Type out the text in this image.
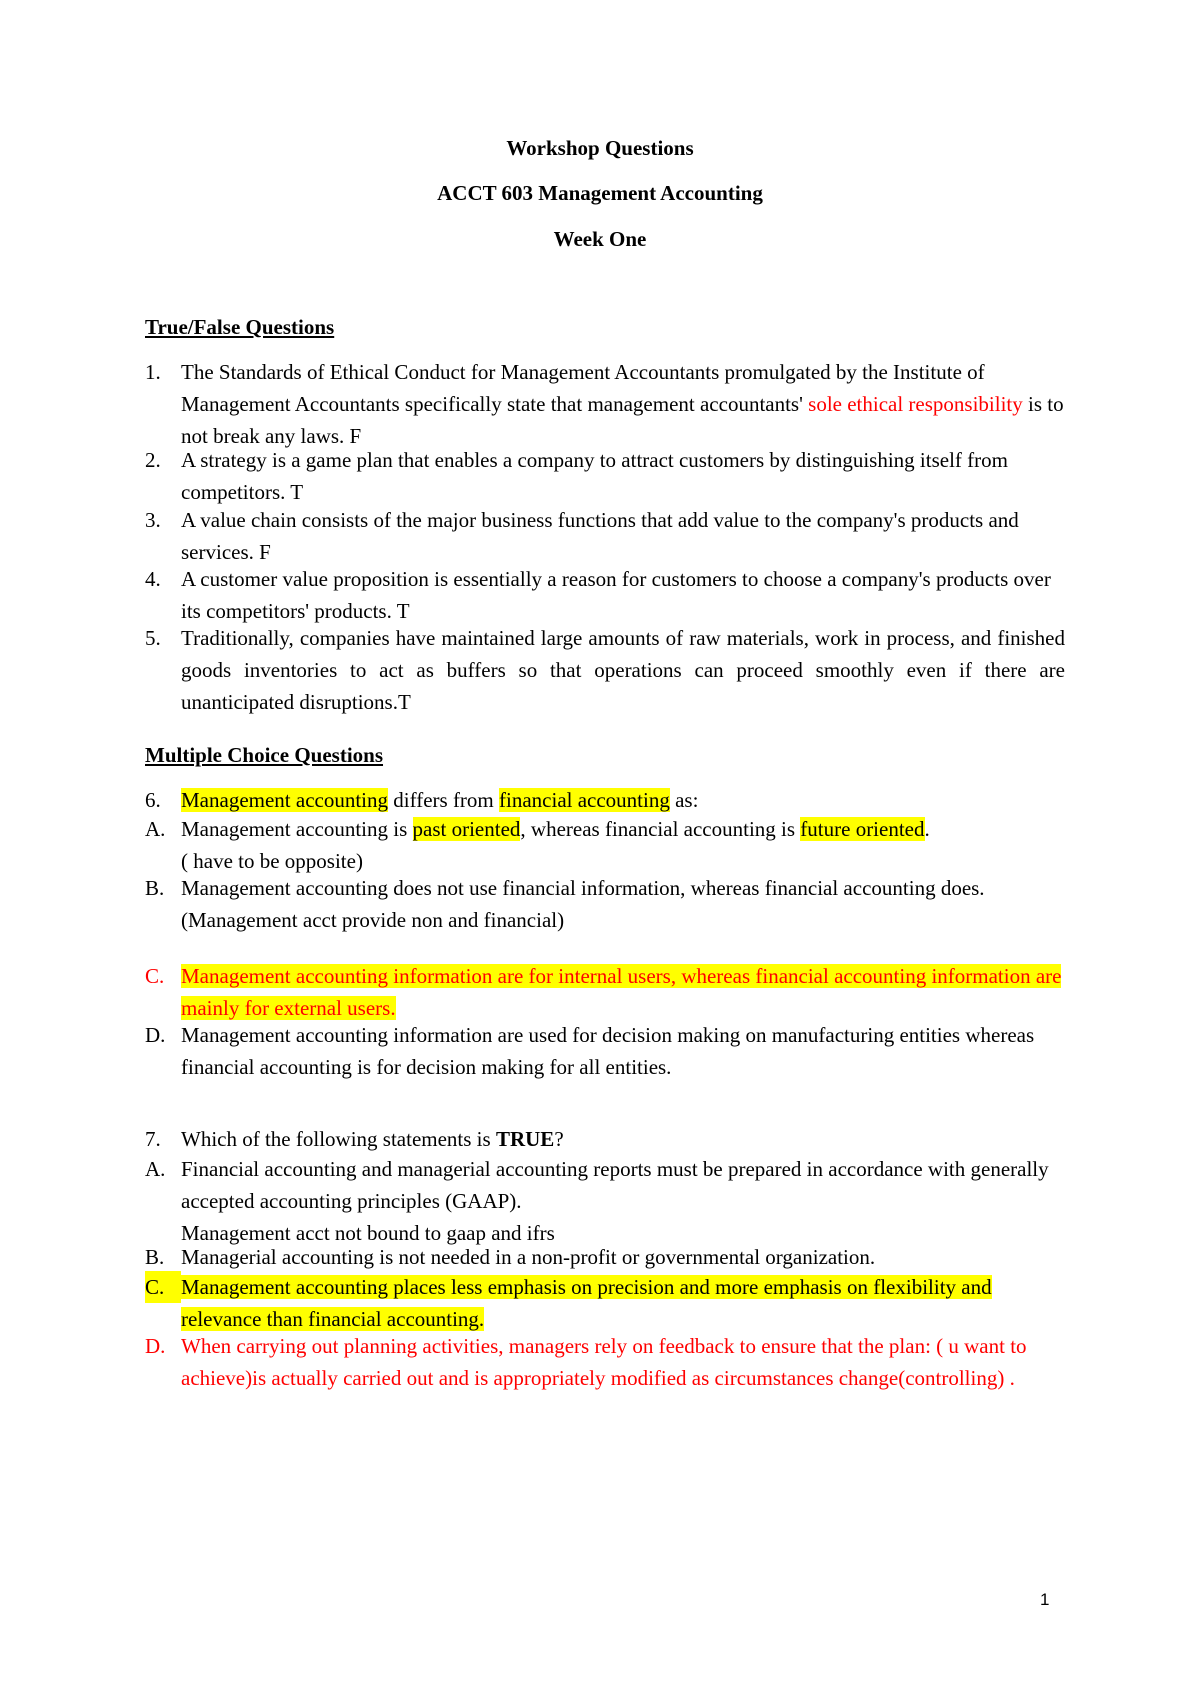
Workshop Questions
ACCT 603 Management Accounting
Week One
True/False Questions
1. The Standards of Ethical Conduct for Management Accountants promulgated by the Institute of Management Accountants specifically state that management accountants' sole ethical responsibility is to not break any laws. F
2. A strategy is a game plan that enables a company to attract customers by distinguishing itself from competitors. T
3. A value chain consists of the major business functions that add value to the company's products and services. F
4. A customer value proposition is essentially a reason for customers to choose a company's products over its competitors' products. T
5. Traditionally, companies have maintained large amounts of raw materials, work in process, and finished goods inventories to act as buffers so that operations can proceed smoothly even if there are unanticipated disruptions.T
Multiple Choice Questions
6. Management accounting differs from financial accounting as:
A. Management accounting is past oriented, whereas financial accounting is future oriented.
( have to be opposite)
B. Management accounting does not use financial information, whereas financial accounting does.
(Management acct provide non and financial)
C. Management accounting information are for internal users, whereas financial accounting information are mainly for external users.
D. Management accounting information are used for decision making on manufacturing entities whereas financial accounting is for decision making for all entities.
7. Which of the following statements is TRUE?
A. Financial accounting and managerial accounting reports must be prepared in accordance with generally accepted accounting principles (GAAP).
Management acct not bound to gaap and ifrs
B. Managerial accounting is not needed in a non-profit or governmental organization.
C. Management accounting places less emphasis on precision and more emphasis on flexibility and relevance than financial accounting.
D. When carrying out planning activities, managers rely on feedback to ensure that the plan: ( u want to achieve)is actually carried out and is appropriately modified as circumstances change(controlling) .
1
